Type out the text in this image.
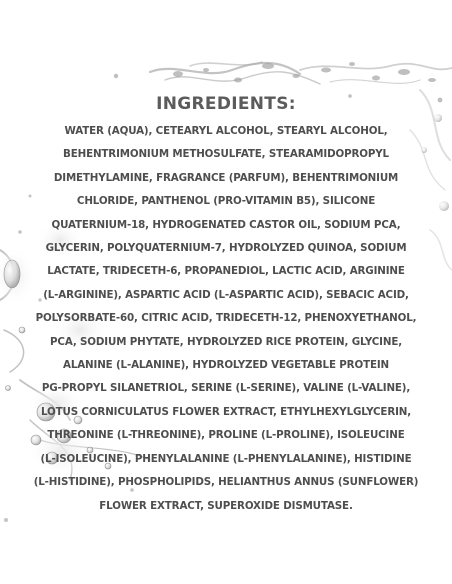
INGREDIENTS:
WATER (AQUA), CETEARYL ALCOHOL, STEARYL ALCOHOL,
BEHENTRIMONIUM METHOSULFATE, STEARAMIDOPROPYL
DIMETHYLAMINE, FRAGRANCE (PARFUM), BEHENTRIMONIUM
CHLORIDE, PANTHENOL (PRO-VITAMIN B5), SILICONE
QUATERNIUM-18, HYDROGENATED CASTOR OIL, SODIUM PCA,
GLYCERIN, POLYQUATERNIUM-7, HYDROLYZED QUINOA, SODIUM
LACTATE, TRIDECETH-6, PROPANEDIOL, LACTIC ACID, ARGININE
(L-ARGININE), ASPARTIC ACID (L-ASPARTIC ACID), SEBACIC ACID,
POLYSORBATE-60, CITRIC ACID, TRIDECETH-12, PHENOXYETHANOL,
PCA, SODIUM PHYTATE, HYDROLYZED RICE PROTEIN, GLYCINE,
ALANINE (L-ALANINE), HYDROLYZED VEGETABLE PROTEIN
PG-PROPYL SILANETRIOL, SERINE (L-SERINE), VALINE (L-VALINE),
LOTUS CORNICULATUS FLOWER EXTRACT, ETHYLHEXYLGLYCERIN,
THREONINE (L-THREONINE), PROLINE (L-PROLINE), ISOLEUCINE
(L-ISOLEUCINE), PHENYLALANINE (L-PHENYLALANINE), HISTIDINE
(L-HISTIDINE), PHOSPHOLIPIDS, HELIANTHUS ANNUS (SUNFLOWER)
FLOWER EXTRACT, SUPEROXIDE DISMUTASE.
